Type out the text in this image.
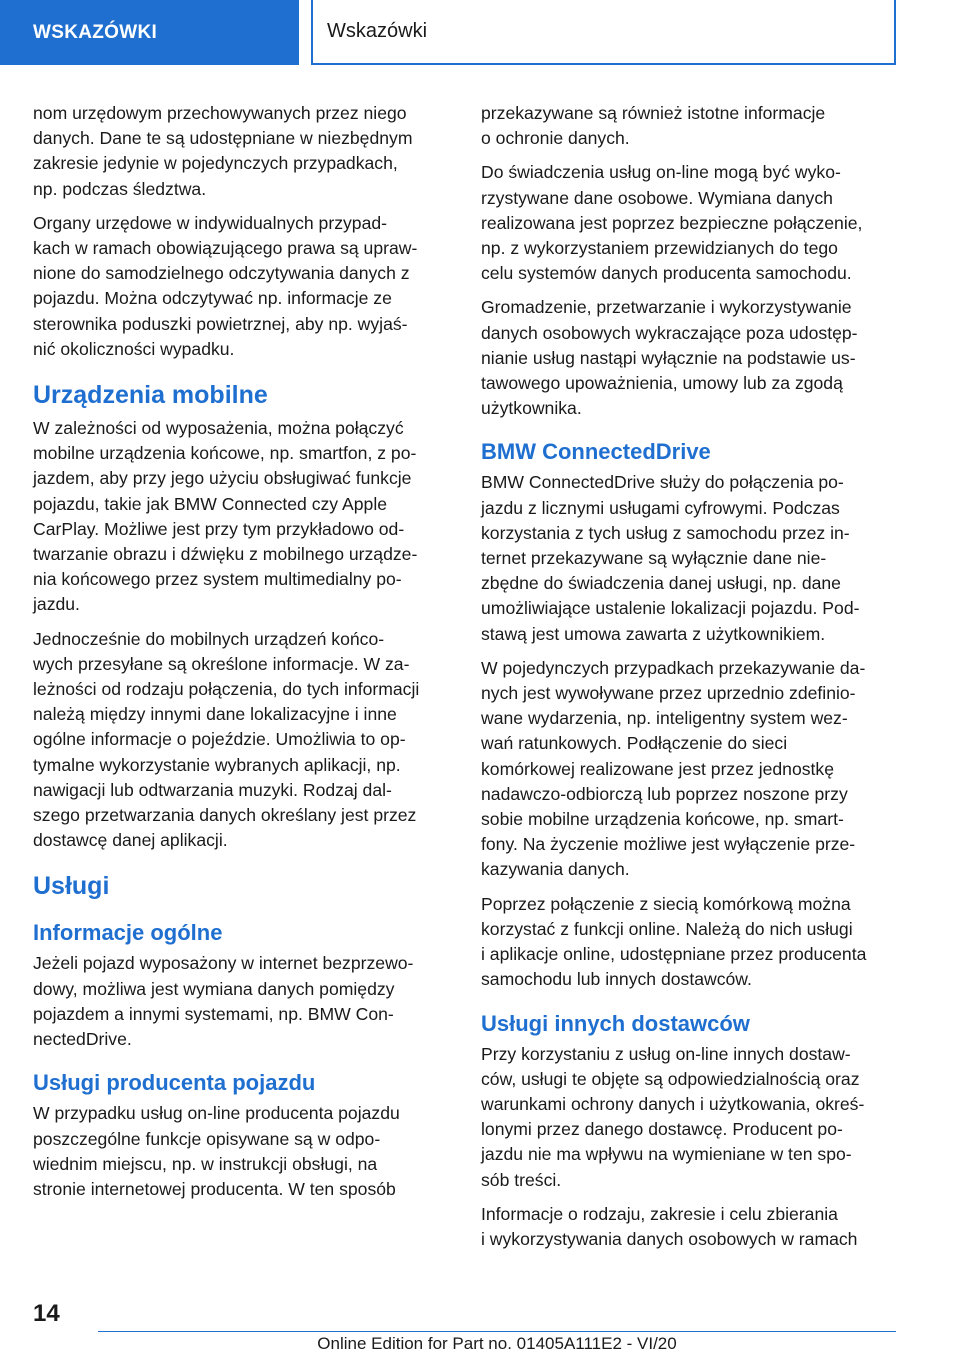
WSKAZÓWKI	Wskazówki

nom urzędowym przechowywanych przez niego
danych. Dane te są udostępniane w niezbędnym
zakresie jedynie w pojedynczych przypadkach,
np. podczas śledztwa.

Organy urzędowe w indywidualnych przypad‐
kach w ramach obowiązującego prawa są upraw‐
nione do samodzielnego odczytywania danych z
pojazdu. Można odczytywać np. informacje ze
sterownika poduszki powietrznej, aby np. wyjaś‐
nić okoliczności wypadku.

Urządzenia mobilne

W zależności od wyposażenia, można połączyć
mobilne urządzenia końcowe, np. smartfon, z po‐
jazdem, aby przy jego użyciu obsługiwać funkcje
pojazdu, takie jak BMW Connected czy Apple
CarPlay. Możliwe jest przy tym przykładowo od‐
twarzanie obrazu i dźwięku z mobilnego urządze‐
nia końcowego przez system multimedialny po‐
jazdu.

Jednocześnie do mobilnych urządzeń końco‐
wych przesyłane są określone informacje. W za‐
leżności od rodzaju połączenia, do tych informacji
należą między innymi dane lokalizacyjne i inne
ogólne informacje o pojeździe. Umożliwia to op‐
tymalne wykorzystanie wybranych aplikacji, np.
nawigacji lub odtwarzania muzyki. Rodzaj dal‐
szego przetwarzania danych określany jest przez
dostawcę danej aplikacji.

Usługi
Informacje ogólne

Jeżeli pojazd wyposażony w internet bezprzewo‐
dowy, możliwa jest wymiana danych pomiędzy
pojazdem a innymi systemami, np. BMW Con‐
nectedDrive.

Usługi producenta pojazdu

W przypadku usług on-line producenta pojazdu
poszczególne funkcje opisywane są w odpo‐
wiednim miejscu, np. w instrukcji obsługi, na
stronie internetowej producenta. W ten sposób

przekazywane są również istotne informacje
o ochronie danych.

Do świadczenia usług on-line mogą być wyko‐
rzystywane dane osobowe. Wymiana danych
realizowana jest poprzez bezpieczne połączenie,
np. z wykorzystaniem przewidzianych do tego
celu systemów danych producenta samochodu.

Gromadzenie, przetwarzanie i wykorzystywanie
danych osobowych wykraczające poza udostęp‐
nianie usług nastąpi wyłącznie na podstawie us‐
tawowego upoważnienia, umowy lub za zgodą
użytkownika.

BMW ConnectedDrive

BMW ConnectedDrive służy do połączenia po‐
jazdu z licznymi usługami cyfrowymi. Podczas
korzystania z tych usług z samochodu przez in‐
ternet przekazywane są wyłącznie dane nie‐
zbędne do świadczenia danej usługi, np. dane
umożliwiające ustalenie lokalizacji pojazdu. Pod‐
stawą jest umowa zawarta z użytkownikiem.

W pojedynczych przypadkach przekazywanie da‐
nych jest wywoływane przez uprzednio zdefinio‐
wane wydarzenia, np. inteligentny system wez‐
wań ratunkowych. Podłączenie do sieci
komórkowej realizowane jest przez jednostkę
nadawczo-odbiorczą lub poprzez noszone przy
sobie mobilne urządzenia końcowe, np. smart‐
fony. Na życzenie możliwe jest wyłączenie prze‐
kazywania danych.

Poprzez połączenie z siecią komórkową można
korzystać z funkcji online. Należą do nich usługi
i aplikacje online, udostępniane przez producenta
samochodu lub innych dostawców.

Usługi innych dostawców

Przy korzystaniu z usług on-line innych dostaw‐
ców, usługi te objęte są odpowiedzialnością oraz
warunkami ochrony danych i użytkowania, okreś‐
lonymi przez danego dostawcę. Producent po‐
jazdu nie ma wpływu na wymieniane w ten spo‐
sób treści.

Informacje o rodzaju, zakresie i celu zbierania
i wykorzystywania danych osobowych w ramach

14
Online Edition for Part no. 01405A111E2 - VI/20
